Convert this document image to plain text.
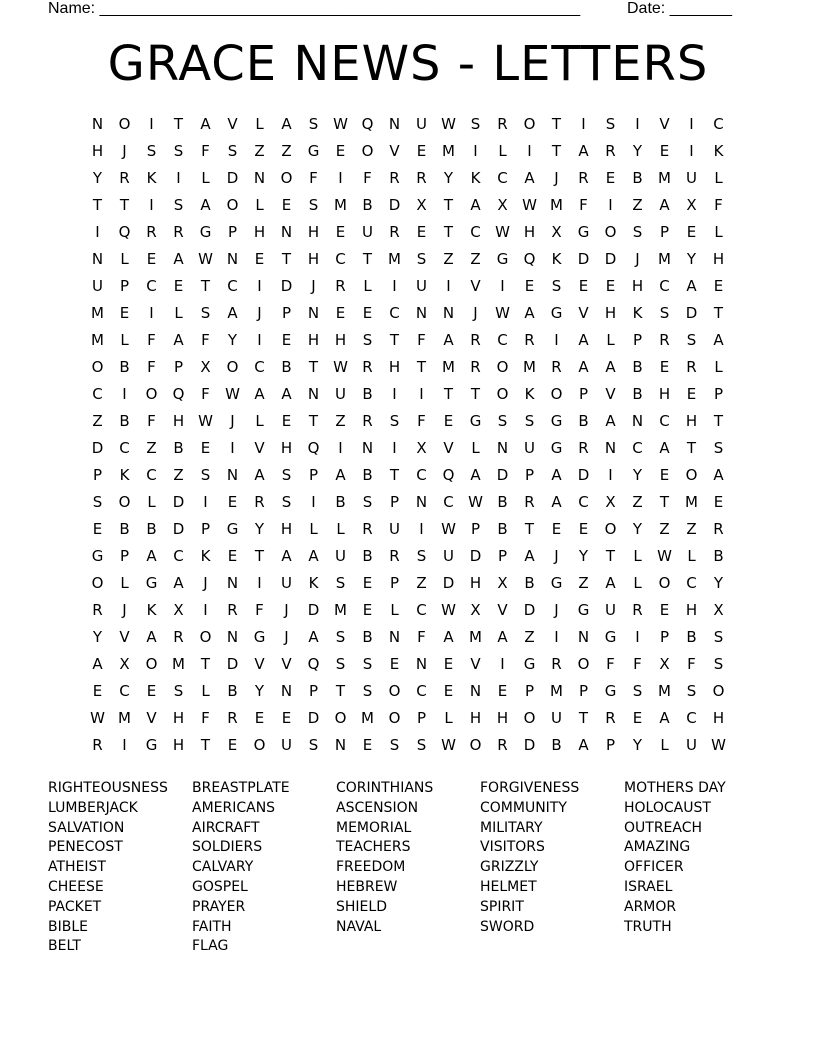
Name: ______________________________________________________	Date: _______
GRACE NEWS - LETTERS
N	O	I	T	A	V	L	A	S W Q	N	U W S	R	O	T	I	S	I	V	I	C
H	J	S	S	F	S	Z	Z	G	E	O	V	E	M	I	L	I	T	A	R	Y	E	I	K
Y	R	K	I	L	D	N	O	F	I	F	R	R	Y	K	C	A	J	R	E	B	M	U	L
T	T	I	S	A	O	L	E	S	M	B	D	X	T	A	X W M	F	I	Z	A	X	F
I	Q	R	R	G	P	H	N	H	E	U	R	E	T	C W H	X	G	O	S	P	E	L
N	L	E	A W N	E	T	H	C	T	M	S	Z	Z	G	Q	K	D	D	J	M	Y	H
U	P	C	E	T	C	I	D	J	R	L	I	U	I	V	I	E	S	E	E	H	C	A	E
M	E	I	L	S	A	J	P	N	E	E	C	N	N	J	W A	G	V	H	K	S	D	T
M	L	F	A	F	Y	I	E	H	H	S	T	F	A	R	C	R	I	A	L	P	R	S	A
O	B	F	P	X	O	C	B	T	W R	H	T	M	R	O M	R	A	A	B	E	R	L
C	I	O	Q	F	W A	A	N	U	B	I	I	T	T	O	K	O	P	V	B	H	E	P
Z	B	F	H W	J	L	E	T	Z	R	S	F	E	G	S	S	G	B	A	N	C	H	T
D	C	Z	B	E	I	V	H	Q	I	N	I	X	V	L	N	U	G	R	N	C	A	T	S
P	K	C	Z	S	N	A	S	P	A	B	T	C	Q	A	D	P	A	D	I	Y	E	O	A
S	O	L	D	I	E	R	S	I	B	S	P	N	C W B	R	A	C	X	Z	T	M	E
E	B	B	D	P	G	Y	H	L	L	R	U	I	W	P	B	T	E	E	O	Y	Z	Z	R
G	P	A	C	K	E	T	A	A	U	B	R	S	U	D	P	A	J	Y	T	L	W	L	B
O	L	G	A	J	N	I	U	K	S	E	P	Z	D	H	X	B	G	Z	A	L	O	C	Y
R	J	K	X	I	R	F	J	D M	E	L	C W X	V	D	J	G	U	R	E	H	X
Y	V	A	R	O	N	G	J	A	S	B	N	F	A	M	A	Z	I	N	G	I	P	B	S
A	X	O M	T	D	V	V	Q	S	S	E	N	E	V	I	G	R	O	F	F	X	F	S
E	C	E	S	L	B	Y	N	P	T	S	O	C	E	N	E	P	M	P	G	S	M	S	O
W M	V	H	F	R	E	E	D	O M O	P	L	H	H	O	U	T	R	E	A	C	H
R	I	G	H	T	E	O	U	S	N	E	S	S W O	R	D	B	A	P	Y	L	U W
RIGHTEOUSNESS
LUMBERJACK
SALVATION
PENECOST
ATHEIST
CHEESE
PACKET
BIBLE
BELT
BREASTPLATE
AMERICANS
AIRCRAFT
SOLDIERS
CALVARY
GOSPEL
PRAYER
FAITH
FLAG
CORINTHIANS
ASCENSION
MEMORIAL
TEACHERS
FREEDOM
HEBREW
SHIELD
NAVAL
FORGIVENESS
COMMUNITY
MILITARY
VISITORS
GRIZZLY
HELMET
SPIRIT
SWORD
MOTHERS DAY
HOLOCAUST
OUTREACH
AMAZING
OFFICER
ISRAEL
ARMOR
TRUTH
